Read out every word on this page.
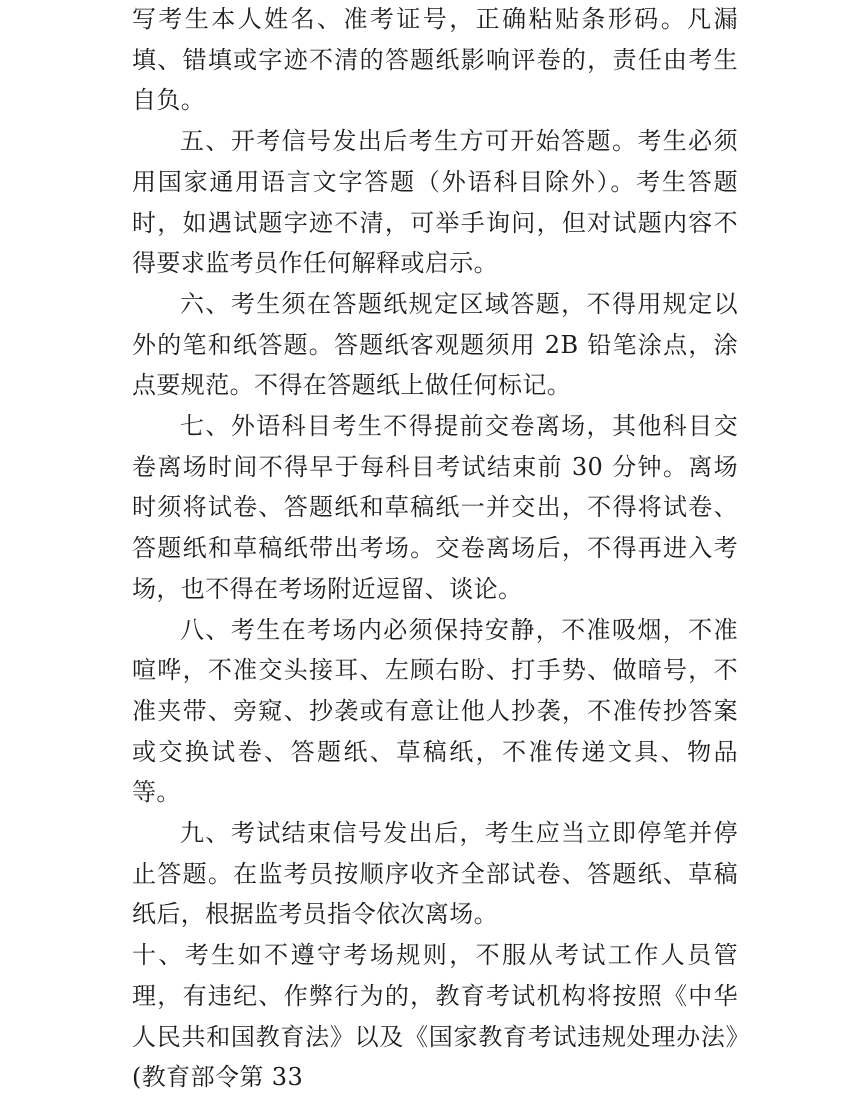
写考生本人姓名、准考证号，正确粘贴条形码。凡漏填、错填或字迹不清的答题纸影响评卷的，责任由考生自负。

五、开考信号发出后考生方可开始答题。考生必须用国家通用语言文字答题（外语科目除外）。考生答题时，如遇试题字迹不清，可举手询问，但对试题内容不得要求监考员作任何解释或启示。

六、考生须在答题纸规定区域答题，不得用规定以外的笔和纸答题。答题纸客观题须用 2B 铅笔涂点，涂点要规范。不得在答题纸上做任何标记。

七、外语科目考生不得提前交卷离场，其他科目交卷离场时间不得早于每科目考试结束前 30 分钟。离场时须将试卷、答题纸和草稿纸一并交出，不得将试卷、答题纸和草稿纸带出考场。交卷离场后，不得再进入考场，也不得在考场附近逗留、谈论。

八、考生在考场内必须保持安静，不准吸烟，不准喧哗，不准交头接耳、左顾右盼、打手势、做暗号，不准夹带、旁窥、抄袭或有意让他人抄袭，不准传抄答案或交换试卷、答题纸、草稿纸，不准传递文具、物品等。

九、考试结束信号发出后，考生应当立即停笔并停止答题。在监考员按顺序收齐全部试卷、答题纸、草稿纸后，根据监考员指令依次离场。

十、考生如不遵守考场规则，不服从考试工作人员管理，有违纪、作弊行为的，教育考试机构将按照《中华人民共和国教育法》以及《国家教育考试违规处理办法》(教育部令第 33
